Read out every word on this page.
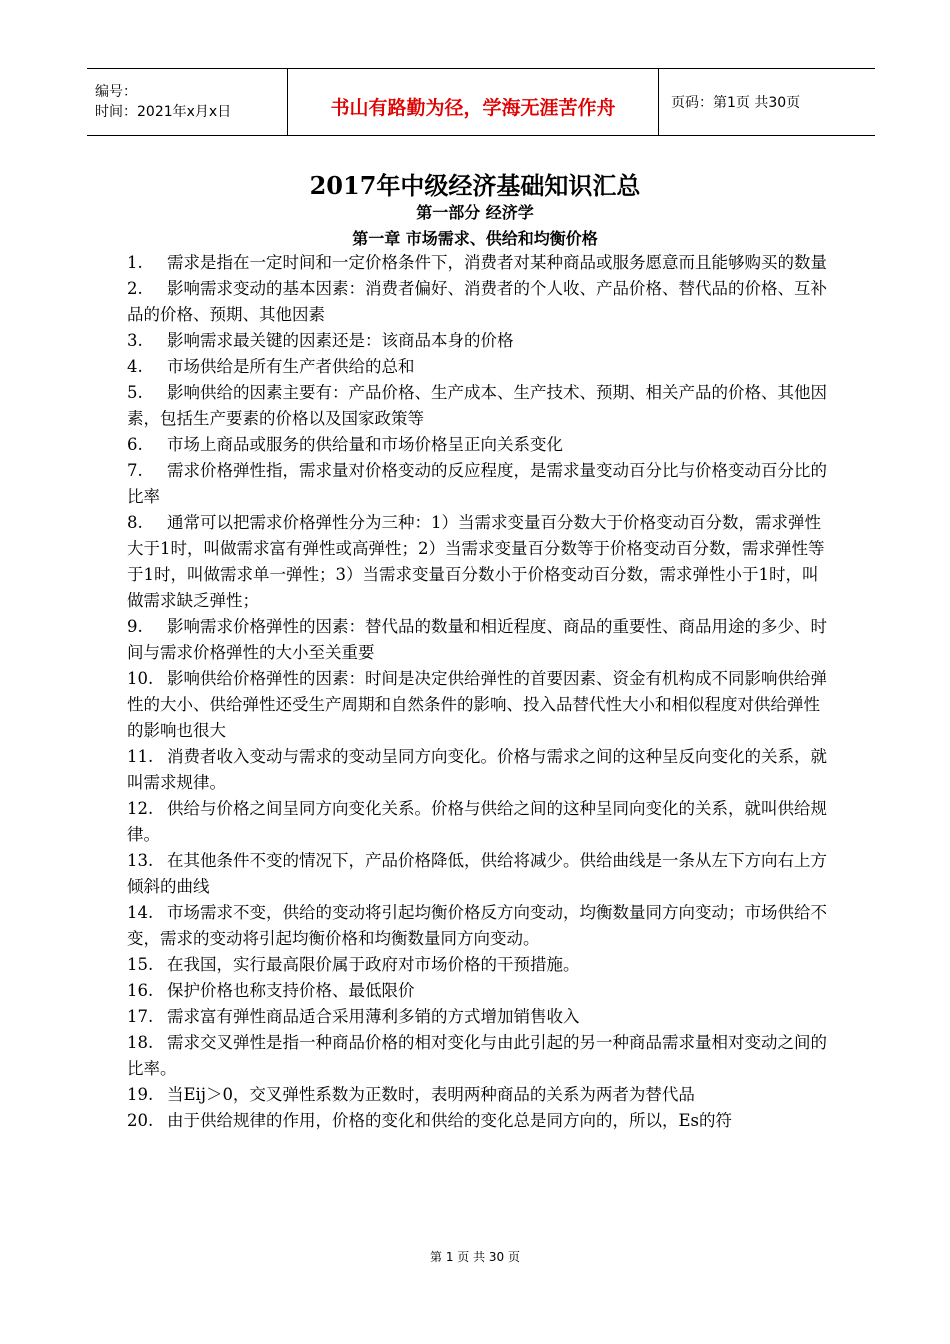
编号：
时间：2021年x月x日	书山有路勤为径，学海无涯苦作舟	页码：第1页 共30页
2017年中级经济基础知识汇总
第一部分 经济学
第一章 市场需求、供给和均衡价格

1. 需求是指在一定时间和一定价格条件下，消费者对某种商品或服务愿意而且能够购买的数量

2. 影响需求变动的基本因素：消费者偏好、消费者的个人收、产品价格、替代品的价格、互补品的价格、预期、其他因素

3. 影响需求最关键的因素还是：该商品本身的价格

4. 市场供给是所有生产者供给的总和

5. 影响供给的因素主要有：产品价格、生产成本、生产技术、预期、相关产品的价格、其他因素，包括生产要素的价格以及国家政策等

6. 市场上商品或服务的供给量和市场价格呈正向关系变化

7. 需求价格弹性指，需求量对价格变动的反应程度，是需求量变动百分比与价格变动百分比的比率

8. 通常可以把需求价格弹性分为三种：1）当需求变量百分数大于价格变动百分数，需求弹性大于1时，叫做需求富有弹性或高弹性；2）当需求变量百分数等于价格变动百分数，需求弹性等于1时，叫做需求单一弹性；3）当需求变量百分数小于价格变动百分数，需求弹性小于1时，叫做需求缺乏弹性；

9. 影响需求价格弹性的因素：替代品的数量和相近程度、商品的重要性、商品用途的多少、时间与需求价格弹性的大小至关重要

10. 影响供给价格弹性的因素：时间是决定供给弹性的首要因素、资金有机构成不同影响供给弹性的大小、供给弹性还受生产周期和自然条件的影响、投入品替代性大小和相似程度对供给弹性的影响也很大

11. 消费者收入变动与需求的变动呈同方向变化。价格与需求之间的这种呈反向变化的关系，就叫需求规律。

12. 供给与价格之间呈同方向变化关系。价格与供给之间的这种呈同向变化的关系，就叫供给规律。

13. 在其他条件不变的情况下，产品价格降低，供给将减少。供给曲线是一条从左下方向右上方倾斜的曲线

14. 市场需求不变，供给的变动将引起均衡价格反方向变动，均衡数量同方向变动；市场供给不变，需求的变动将引起均衡价格和均衡数量同方向变动。

15. 在我国，实行最高限价属于政府对市场价格的干预措施。

16. 保护价格也称支持价格、最低限价

17. 需求富有弹性商品适合采用薄利多销的方式增加销售收入

18. 需求交叉弹性是指一种商品价格的相对变化与由此引起的另一种商品需求量相对变动之间的比率。

19. 当Eij＞0，交叉弹性系数为正数时，表明两种商品的关系为两者为替代品

20. 由于供给规律的作用，价格的变化和供给的变化总是同方向的，所以，Es的符

第 1 页 共 30 页
